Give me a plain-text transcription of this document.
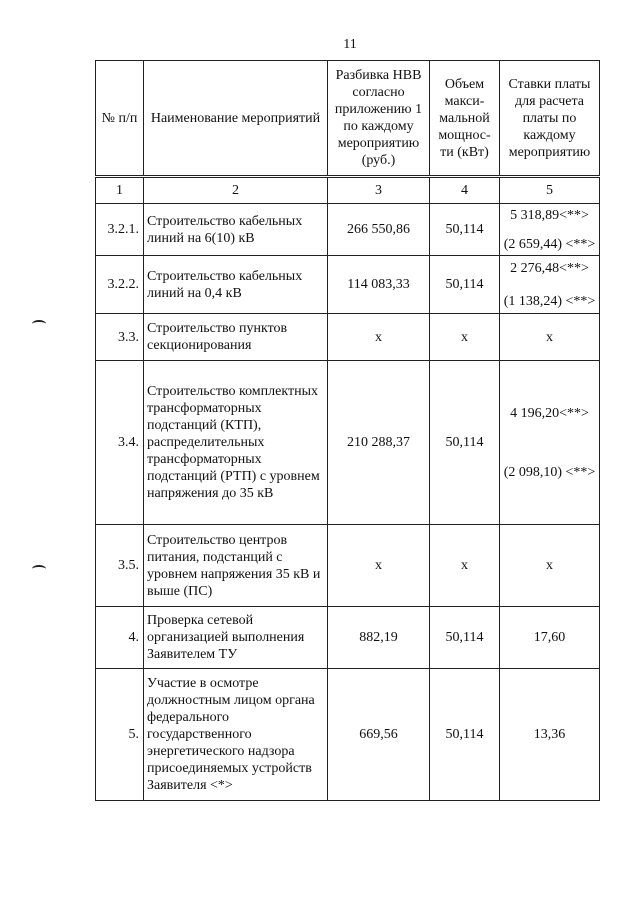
11
№ п/п	Наименование мероприятий	Разбивка НВВ согласно приложению 1 по каждому мероприятию (руб.)	Объем макси- мальной мощнос- ти (кВт)	Ставки платы для расчета платы по каждому мероприятию
1	2	3	4	5
3.2.1.	Строительство кабельных линий на 6(10) кВ	266 550,86	50,114	5 318,89<**>
(2 659,44) <**>

3.2.2.	Строительство кабельных линий на 0,4 кВ	114 083,33	50,114	2 276,48<**>
(1 138,24) <**>

3.3.	Строительство пунктов секционирования	x	x	x
3.4.	Строительство комплектных трансформаторных подстанций (КТП), распределительных трансформаторных подстанций (РТП) с уровнем напряжения до 35 кВ	210 288,37	50,114	4 196,20<**>
(2 098,10) <**>

3.5.	Строительство центров питания, подстанций с уровнем напряжения 35 кВ и выше (ПС)	x	x	x
4.	Проверка сетевой организацией выполнения Заявителем ТУ	882,19	50,114	17,60
5.	Участие в осмотре должностным лицом органа федерального государственного энергетического надзора присоединяемых устройств Заявителя <*>	669,56	50,114	13,36
